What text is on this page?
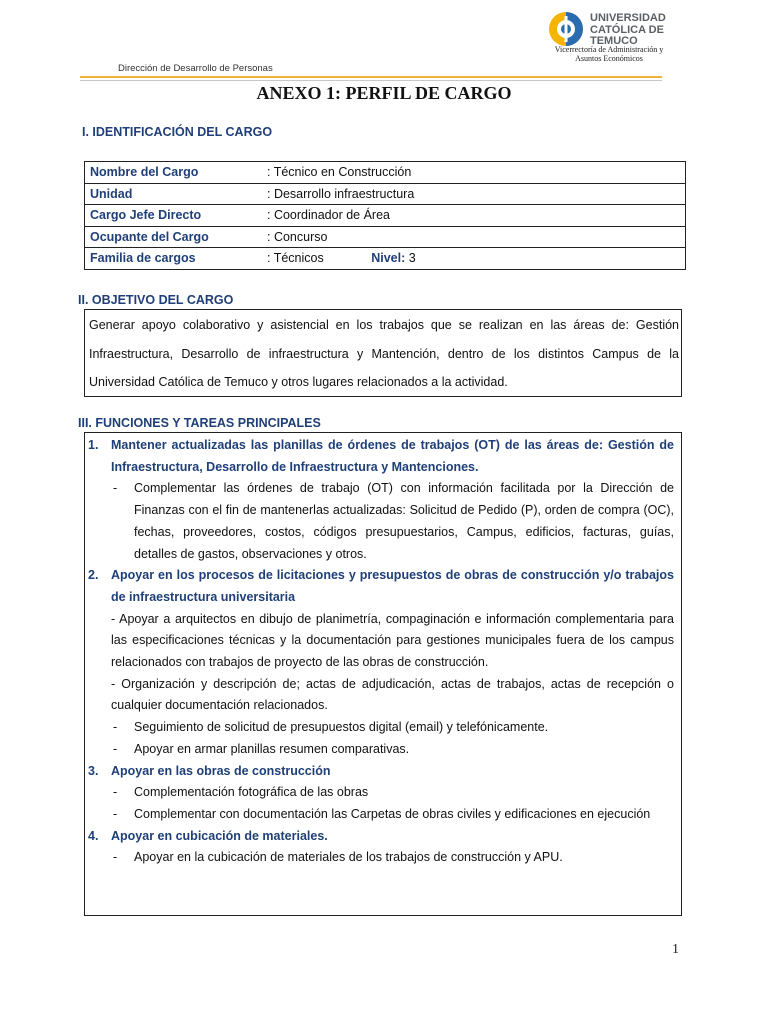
UNIVERSIDAD
CATÓLICA DE
TEMUCO
Vicerrectoría de Administración y
Asuntos Económicos
Dirección de Desarrollo de Personas
ANEXO 1: PERFIL DE CARGO
I. IDENTIFICACIÓN DEL CARGO
Nombre del Cargo	: Técnico en Construcción
Unidad	: Desarrollo infraestructura
Cargo Jefe Directo	: Coordinador de Área
Ocupante del Cargo	: Concurso
Familia de cargos	: Técnicos Nivel: 3
II. OBJETIVO DEL CARGO
Generar apoyo colaborativo y asistencial en los trabajos que se realizan en las áreas de: Gestión Infraestructura, Desarrollo de infraestructura y Mantención, dentro de los distintos Campus de la Universidad Católica de Temuco y otros lugares relacionados a la actividad.
III. FUNCIONES Y TAREAS PRINCIPALES
1. Mantener actualizadas las planillas de órdenes de trabajos (OT) de las áreas de: Gestión de Infraestructura, Desarrollo de Infraestructura y Mantenciones.
- Complementar las órdenes de trabajo (OT) con información facilitada por la Dirección de Finanzas con el fin de mantenerlas actualizadas: Solicitud de Pedido (P), orden de compra (OC), fechas, proveedores, costos, códigos presupuestarios, Campus, edificios, facturas, guías, detalles de gastos, observaciones y otros.
2. Apoyar en los procesos de licitaciones y presupuestos de obras de construcción y/o trabajos de infraestructura universitaria
- Apoyar a arquitectos en dibujo de planimetría, compaginación e información complementaria para las especificaciones técnicas y la documentación para gestiones municipales fuera de los campus relacionados con trabajos de proyecto de las obras de construcción.
- Organización y descripción de; actas de adjudicación, actas de trabajos, actas de recepción o cualquier documentación relacionados.
- Seguimiento de solicitud de presupuestos digital (email) y telefónicamente.
- Apoyar en armar planillas resumen comparativas.
3. Apoyar en las obras de construcción
- Complementación fotográfica de las obras
- Complementar con documentación las Carpetas de obras civiles y edificaciones en ejecución
4. Apoyar en cubicación de materiales.
- Apoyar en la cubicación de materiales de los trabajos de construcción y APU.
1
